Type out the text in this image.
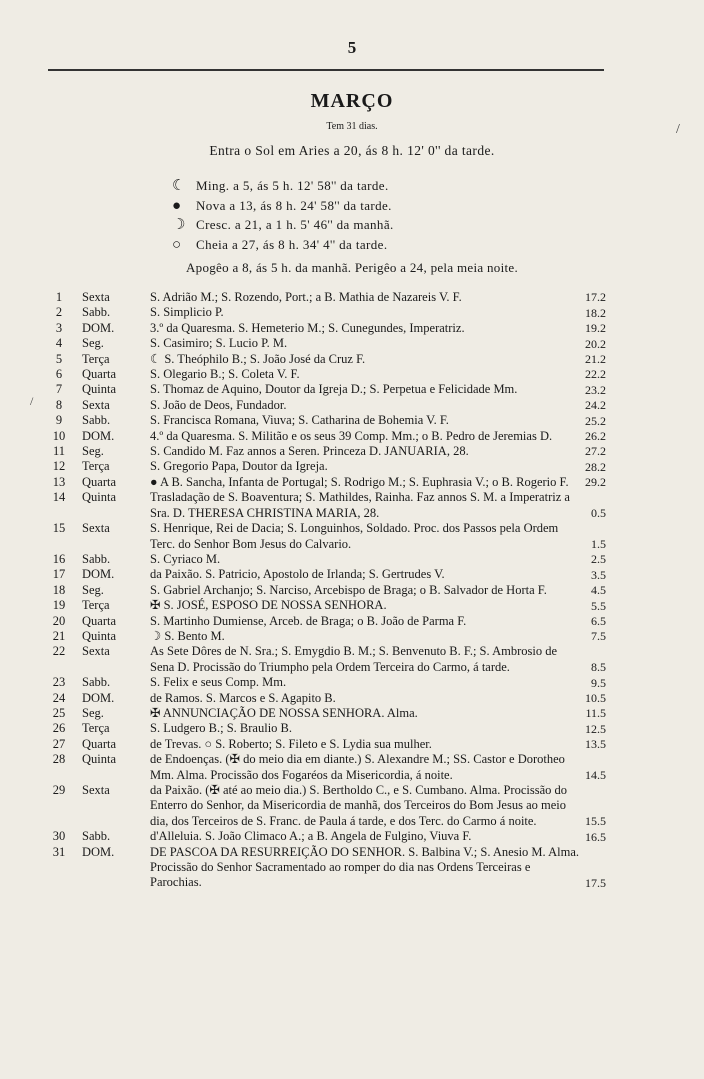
5
/
/
MARÇO
Tem 31 dias.
Entra o Sol em Aries a 20, ás 8 h. 12' 0'' da tarde.
☾ Ming. a 5, ás 5 h. 12' 58'' da tarde.
● Nova a 13, ás 8 h. 24' 58'' da tarde.
☽ Cresc. a 21, a 1 h. 5' 46'' da manhã.
○ Cheia a 27, ás 8 h. 34' 4'' da tarde.
Apogêo a 8, ás 5 h. da manhã. Perigêo a 24, pela meia noite.
1	Sexta	S. Adrião M.; S. Rozendo, Port.; a B. Mathia de Nazareis V. F.	17.2
2	Sabb.	S. Simplicio P.	18.2
3	DOM.	3.º da Quaresma. S. Hemeterio M.; S. Cunegundes, Imperatriz.	19.2
4	Seg.	S. Casimiro; S. Lucio P. M.	20.2
5	Terça	☾ S. Theóphilo B.; S. João José da Cruz F.	21.2
6	Quarta	S. Olegario B.; S. Coleta V. F.	22.2
7	Quinta	S. Thomaz de Aquino, Doutor da Igreja D.; S. Perpetua e Felicidade Mm.	23.2
8	Sexta	S. João de Deos, Fundador.	24.2
9	Sabb.	S. Francisca Romana, Viuva; S. Catharina de Bohemia V. F.	25.2
10 DOM.	4.º da Quaresma. S. Militão e os seus 39 Comp. Mm.; o B. Pedro de Jeremias D.	26.2
11 Seg.	S. Candido M. Faz annos a Seren. Princeza D. JANUARIA, 28.	27.2
12 Terça	S. Gregorio Papa, Doutor da Igreja.	28.2
13 Quarta	● A B. Sancha, Infanta de Portugal; S. Rodrigo M.; S. Euphrasia V.; o B. Rogerio F.	29.2
14 Quinta	Trasladação de S. Boaventura; S. Mathildes, Rainha. Faz annos S. M. a Imperatriz a Sra. D. THERESA CHRISTINA MARIA, 28.	0.5
15 Sexta	S. Henrique, Rei de Dacia; S. Longuinhos, Soldado. Proc. dos Passos pela Ordem Terc. do Senhor Bom Jesus do Calvario.	1.5
16 Sabb.	S. Cyriaco M.	2.5
17 DOM.	da Paixão. S. Patricio, Apostolo de Irlanda; S. Gertrudes V.	3.5
18 Seg.	S. Gabriel Archanjo; S. Narciso, Arcebispo de Braga; o B. Salvador de Horta F.	4.5
19 Terça	✠ S. JOSÉ, ESPOSO DE NOSSA SENHORA.	5.5
20 Quarta	S. Martinho Dumiense, Arceb. de Braga; o B. João de Parma F.	6.5
21 Quinta	☽ S. Bento M.	7.5
22 Sexta	As Sete Dôres de N. Sra.; S. Emygdio B. M.; S. Benvenuto B. F.; S. Ambrosio de Sena D. Procissão do Triumpho pela Ordem Terceira do Carmo, á tarde.	8.5
23 Sabb.	S. Felix e seus Comp. Mm.	9.5
24 DOM.	de Ramos. S. Marcos e S. Agapito B.	10.5
25 Seg.	✠ ANNUNCIAÇÃO DE NOSSA SENHORA. Alma.	11.5
26 Terça	S. Ludgero B.; S. Braulio B.	12.5
27 Quarta	de Trevas. ○ S. Roberto; S. Fileto e S. Lydia sua mulher.	13.5
28 Quinta	de Endoenças. (✠ do meio dia em diante.) S. Alexandre M.; SS. Castor e Dorotheo Mm. Alma. Procissão dos Fogaréos da Misericordia, á noite.	14.5
29 Sexta	da Paixão. (✠ até ao meio dia.) S. Bertholdo C., e S. Cumbano. Alma. Procissão do Enterro do Senhor, da Misericordia de manhã, dos Terceiros do Bom Jesus ao meio dia, dos Terceiros de S. Franc. de Paula á tarde, e dos Terc. do Carmo á noite.	15.5
30 Sabb.	d'Alleluia. S. João Climaco A.; a B. Angela de Fulgino, Viuva F.	16.5
31 DOM.	DE PASCOA DA RESURREIÇÃO DO SENHOR. S. Balbina V.; S. Anesio M. Alma. Procissão do Senhor Sacramentado ao romper do dia nas Ordens Terceiras e Parochias.	17.5
